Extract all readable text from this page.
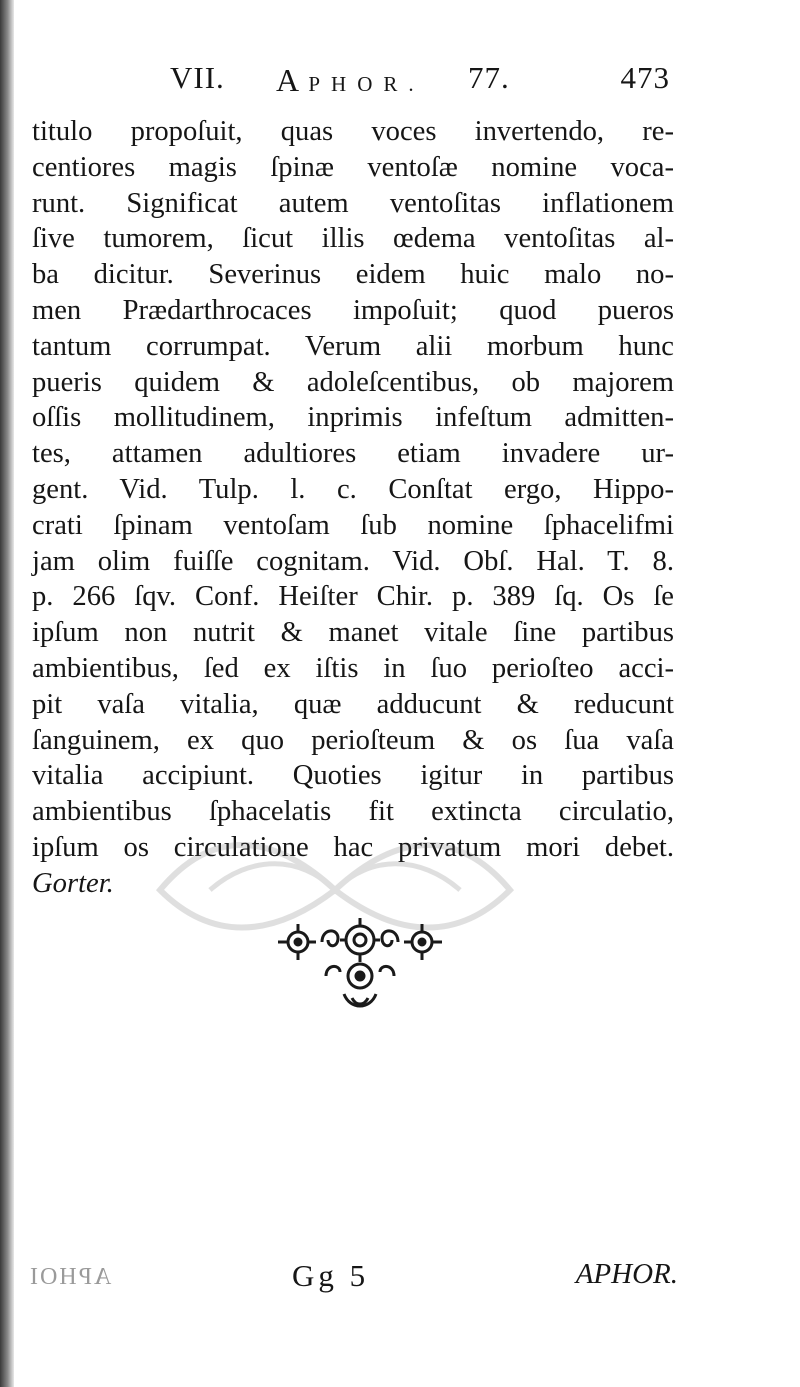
VII. A PHOR. 77.	473
titulo propoſuit, quas voces invertendo, re-
centiores magis ſpinæ ventoſæ nomine voca-
runt. Significat autem ventoſitas inflationem
ſive tumorem, ſicut illis œdema ventoſitas al-
ba dicitur. Severinus eidem huic malo no-
men Prædarthrocaces impoſuit; quod pueros
tantum corrumpat. Verum alii morbum hunc
pueris quidem & adoleſcentibus, ob majorem
oſſis mollitudinem, inprimis infeſtum admitten-
tes, attamen adultiores etiam invadere ur-
gent. Vid. Tulp. l. c. Conſtat ergo, Hippo-
crati ſpinam ventoſam ſub nomine ſphacelifmi
jam olim fuiſſe cognitam. Vid. Obſ. Hal. T. 8.
p. 266 ſqv. Conf. Heiſter Chir. p. 389 ſq. Os ſe
ipſum non nutrit & manet vitale ſine partibus
ambientibus, ſed ex iſtis in ſuo perioſteo acci-
pit vaſa vitalia, quæ adducunt & reducunt
ſanguinem, ex quo perioſteum & os ſua vaſa
vitalia accipiunt. Quoties igitur in partibus
ambientibus ſphacelatis fit extincta circulatio,
ipſum os circulatione hac privatum mori debet.
Gorter.
ΑΡΗΟΙ	Gg 5	APHOR.
